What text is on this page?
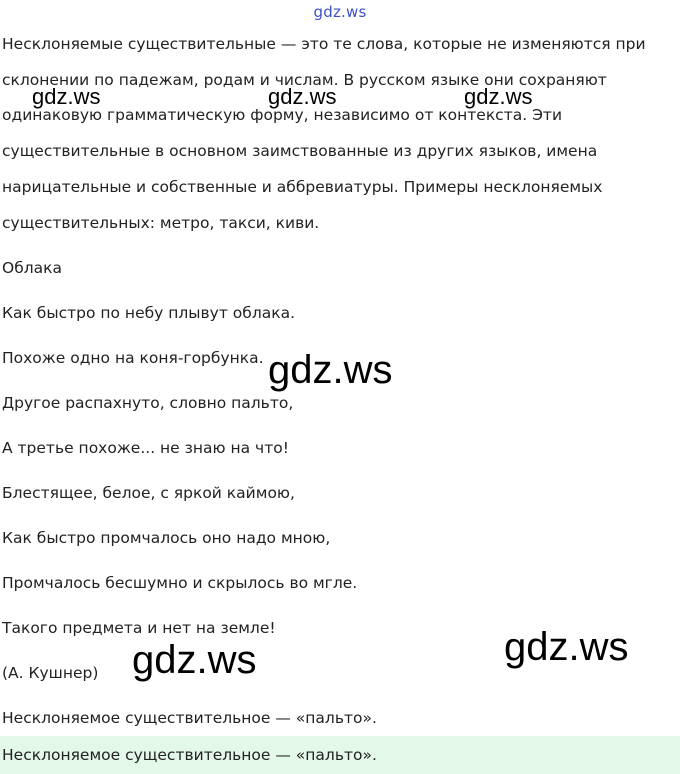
gdz.ws
Несклоняемые существительные — это те слова, которые не изменяются при
склонении по падежам, родам и числам. В русском языке они сохраняют
одинаковую грамматическую форму, независимо от контекста. Эти
существительные в основном заимствованные из других языков, имена
нарицательные и собственные и аббревиатуры. Примеры несклоняемых
существительных: метро, такси, киви.
Облака
Как быстро по небу плывут облака.
Похоже одно на коня-горбунка.
Другое распахнуто, словно пальто,
А третье похоже... не знаю на что!
Блестящее, белое, с яркой каймою,
Как быстро промчалось оно надо мною,
Промчалось бесшумно и скрылось во мгле.
Такого предмета и нет на земле!
(А. Кушнер)
Несклоняемое существительное — «пальто».
Несклоняемое существительное — «пальто».
gdz.ws	gdz.ws	gdz.ws
gdz.ws
gdz.ws	gdz.ws
